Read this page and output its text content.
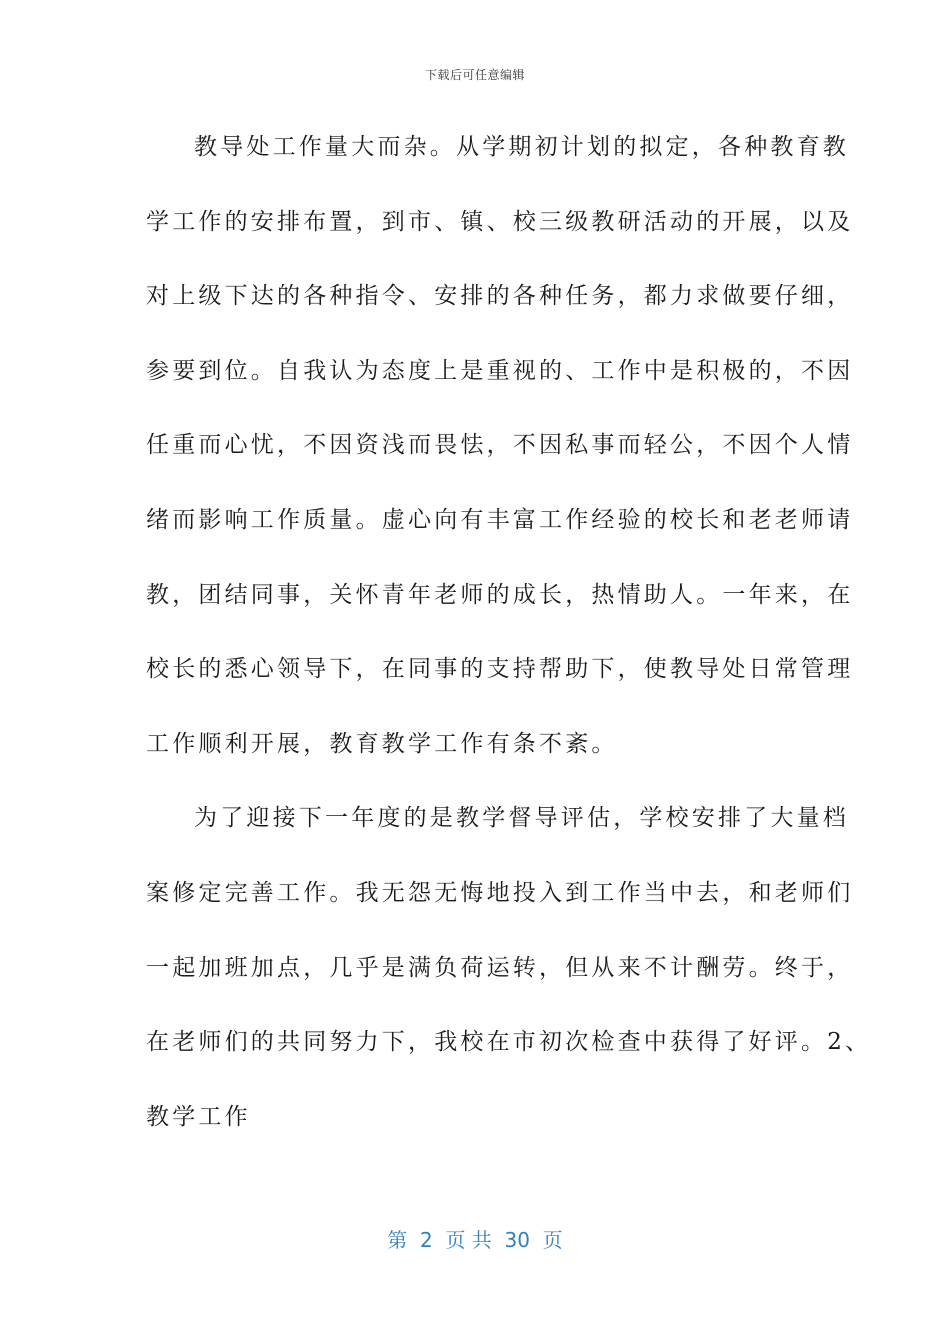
下载后可任意编辑
教导处工作量大而杂。从学期初计划的拟定，各种教育教
学工作的安排布置，到市、镇、校三级教研活动的开展，以及
对上级下达的各种指令、安排的各种任务，都力求做要仔细，
参要到位。自我认为态度上是重视的、工作中是积极的，不因
任重而心忧，不因资浅而畏怯，不因私事而轻公，不因个人情
绪而影响工作质量。虚心向有丰富工作经验的校长和老老师请
教，团结同事，关怀青年老师的成长，热情助人。一年来，在
校长的悉心领导下，在同事的支持帮助下，使教导处日常管理
工作顺利开展，教育教学工作有条不紊。
为了迎接下一年度的是教学督导评估，学校安排了大量档
案修定完善工作。我无怨无悔地投入到工作当中去，和老师们
一起加班加点，几乎是满负荷运转，但从来不计酬劳。终于，
在老师们的共同努力下，我校在市初次检查中获得了好评。2、
教学工作
第  2  页 共  30  页
